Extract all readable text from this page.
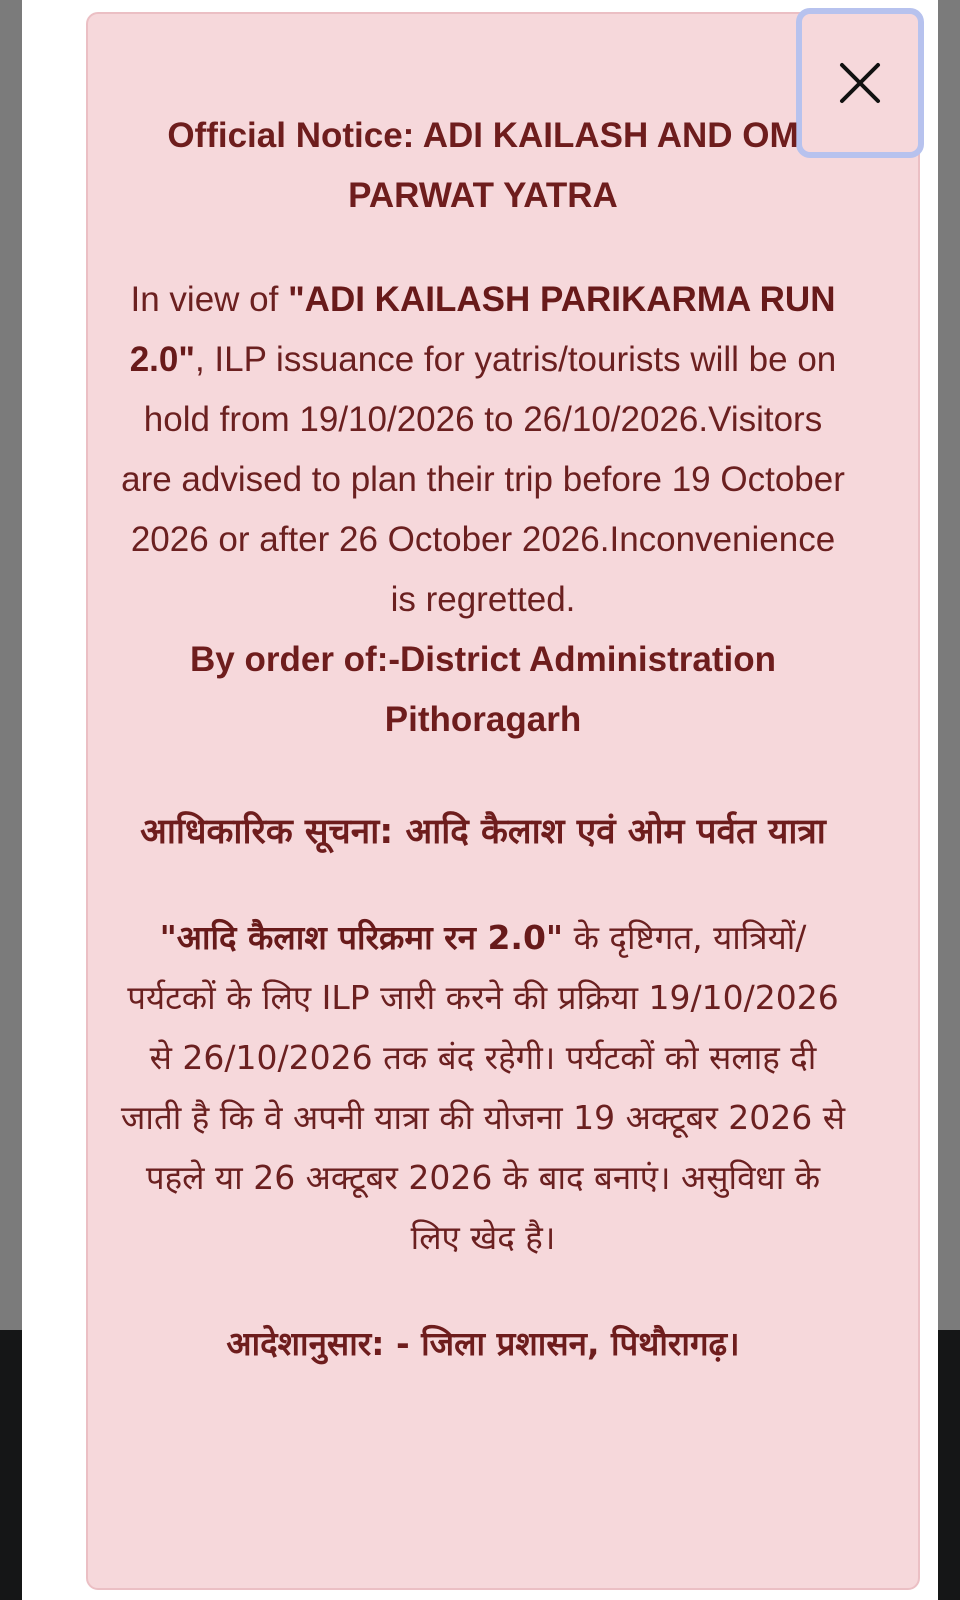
Official Notice: ADI KAILASH AND OM PARWAT YATRA
In view of "ADI KAILASH PARIKARMA RUN 2.0", ILP issuance for yatris/tourists will be on hold from 19/10/2026 to 26/10/2026.Visitors are advised to plan their trip before 19 October 2026 or after 26 October 2026.Inconvenience is regretted.
By order of:-District Administration Pithoragarh
आधिकारिक सूचना: आदि कैलाश एवं ओम पर्वत यात्रा
"आदि कैलाश परिक्रमा रन 2.0" के दृष्टिगत, यात्रियों/पर्यटकों के लिए ILP जारी करने की प्रक्रिया 19/10/2026 से 26/10/2026 तक बंद रहेगी। पर्यटकों को सलाह दी जाती है कि वे अपनी यात्रा की योजना 19 अक्टूबर 2026 से पहले या 26 अक्टूबर 2026 के बाद बनाएं। असुविधा के लिए खेद है।
आदेशानुसार: - जिला प्रशासन, पिथौरागढ़।
